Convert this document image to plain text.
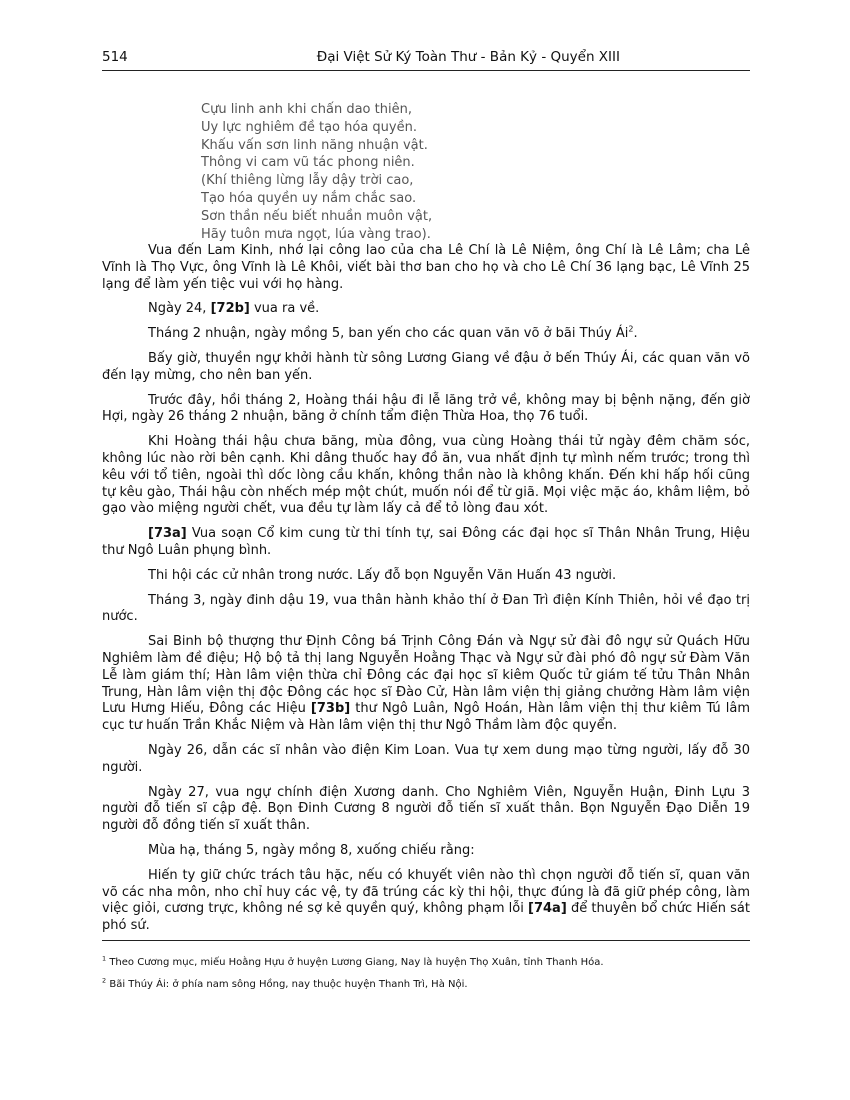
514	Đại Việt Sử Ký Toàn Thư - Bản Kỷ - Quyển XIII
Cựu linh anh khi chấn dao thiên,
Uy lực nghiêm đề tạo hóa quyền.
Khấu vấn sơn linh năng nhuận vật.
Thông vi cam vũ tác phong niên.
(Khí thiêng lừng lẫy dậy trời cao,
Tạo hóa quyền uy nắm chắc sao.
Sơn thần nếu biết nhuần muôn vật,
Hãy tuôn mưa ngọt, lúa vàng trao).

Vua đến Lam Kinh, nhớ lại công lao của cha Lê Chí là Lê Niệm, ông Chí là Lê Lâm; cha Lê Vĩnh là Thọ Vực, ông Vĩnh là Lê Khôi, viết bài thơ ban cho họ và cho Lê Chí 36 lạng bạc, Lê Vĩnh 25 lạng để làm yến tiệc vui với họ hàng.

Ngày 24, [72b] vua ra về.

Tháng 2 nhuận, ngày mồng 5, ban yến cho các quan văn võ ở bãi Thúy $Ái^2$.

Bấy giờ, thuyền ngự khởi hành từ sông Lương Giang về đậu ở bến Thúy Ái, các quan văn võ đến lạy mừng, cho nên ban yến.

Trước đây, hồi tháng 2, Hoàng thái hậu đi lễ lăng trở về, không may bị bệnh nặng, đến giờ Hợi, ngày 26 tháng 2 nhuận, băng ở chính tẩm điện Thừa Hoa, thọ 76 tuổi.

Khi Hoàng thái hậu chưa băng, mùa đông, vua cùng Hoàng thái tử ngày đêm chăm sóc, không lúc nào rời bên cạnh. Khi dâng thuốc hay đồ ăn, vua nhất định tự mình nếm trước; trong thì kêu với tổ tiên, ngoài thì dốc lòng cầu khấn, không thần nào là không khấn. Đến khi hấp hối cũng tự kêu gào, Thái hậu còn nhếch mép một chút, muốn nói để từ giã. Mọi việc mặc áo, khâm liệm, bỏ gạo vào miệng người chết, vua đều tự làm lấy cả để tỏ lòng đau xót.

[73a] Vua soạn Cổ kim cung từ thi tính tự, sai Đông các đại học sĩ Thân Nhân Trung, Hiệu thư Ngô Luân phụng bình.

Thi hội các cử nhân trong nước. Lấy đỗ bọn Nguyễn Văn Huấn 43 người.

Tháng 3, ngày đinh dậu 19, vua thân hành khảo thí ở Đan Trì điện Kính Thiên, hỏi về đạo trị nước.

Sai Binh bộ thượng thư Định Công bá Trịnh Công Đán và Ngự sử đài đô ngự sử Quách Hữu Nghiêm làm đề điệu; Hộ bộ tả thị lang Nguyễn Hoằng Thạc và Ngự sử đài phó đô ngự sử Đàm Văn Lễ làm giám thí; Hàn lâm viện thừa chỉ Đông các đại học sĩ kiêm Quốc tử giám tế tửu Thân Nhân Trung, Hàn lâm viện thị độc Đông các học sĩ Đào Cử, Hàn lâm viện thị giảng chưởng Hàm lâm viện Lưu Hưng Hiếu, Đông các Hiệu [73b] thư Ngô Luân, Ngô Hoán, Hàn lâm viện thị thư kiêm Tú lâm cục tư huấn Trần Khắc Niệm và Hàn lâm viện thị thư Ngô Thầm làm độc quyển.

Ngày 26, dẫn các sĩ nhân vào điện Kim Loan. Vua tự xem dung mạo từng người, lấy đỗ 30 người.

Ngày 27, vua ngự chính điện Xương danh. Cho Nghiêm Viên, Nguyễn Huận, Đinh Lựu 3 người đỗ tiến sĩ cập đệ. Bọn Đinh Cương 8 người đỗ tiến sĩ xuất thân. Bọn Nguyễn Đạo Diễn 19 người đỗ đồng tiến sĩ xuất thân.

Mùa hạ, tháng 5, ngày mồng 8, xuống chiếu rằng:

Hiến ty giữ chức trách tâu hặc, nếu có khuyết viên nào thì chọn người đỗ tiến sĩ, quan văn võ các nha môn, nho chỉ huy các vệ, ty đã trúng các kỳ thi hội, thực đúng là đã giữ phép công, làm việc giỏi, cương trực, không né sợ kẻ quyền quý, không phạm lỗi [74a] để thuyên bổ chức Hiến sát phó sứ.

$^1$ Theo Cương mục, miếu Hoằng Hựu ở huyện Lương Giang, Nay là huyện Thọ Xuân, tỉnh Thanh Hóa.
$^2$ Bãi Thúy Ái: ở phía nam sông Hồng, nay thuộc huyện Thanh Trì, Hà Nội.
